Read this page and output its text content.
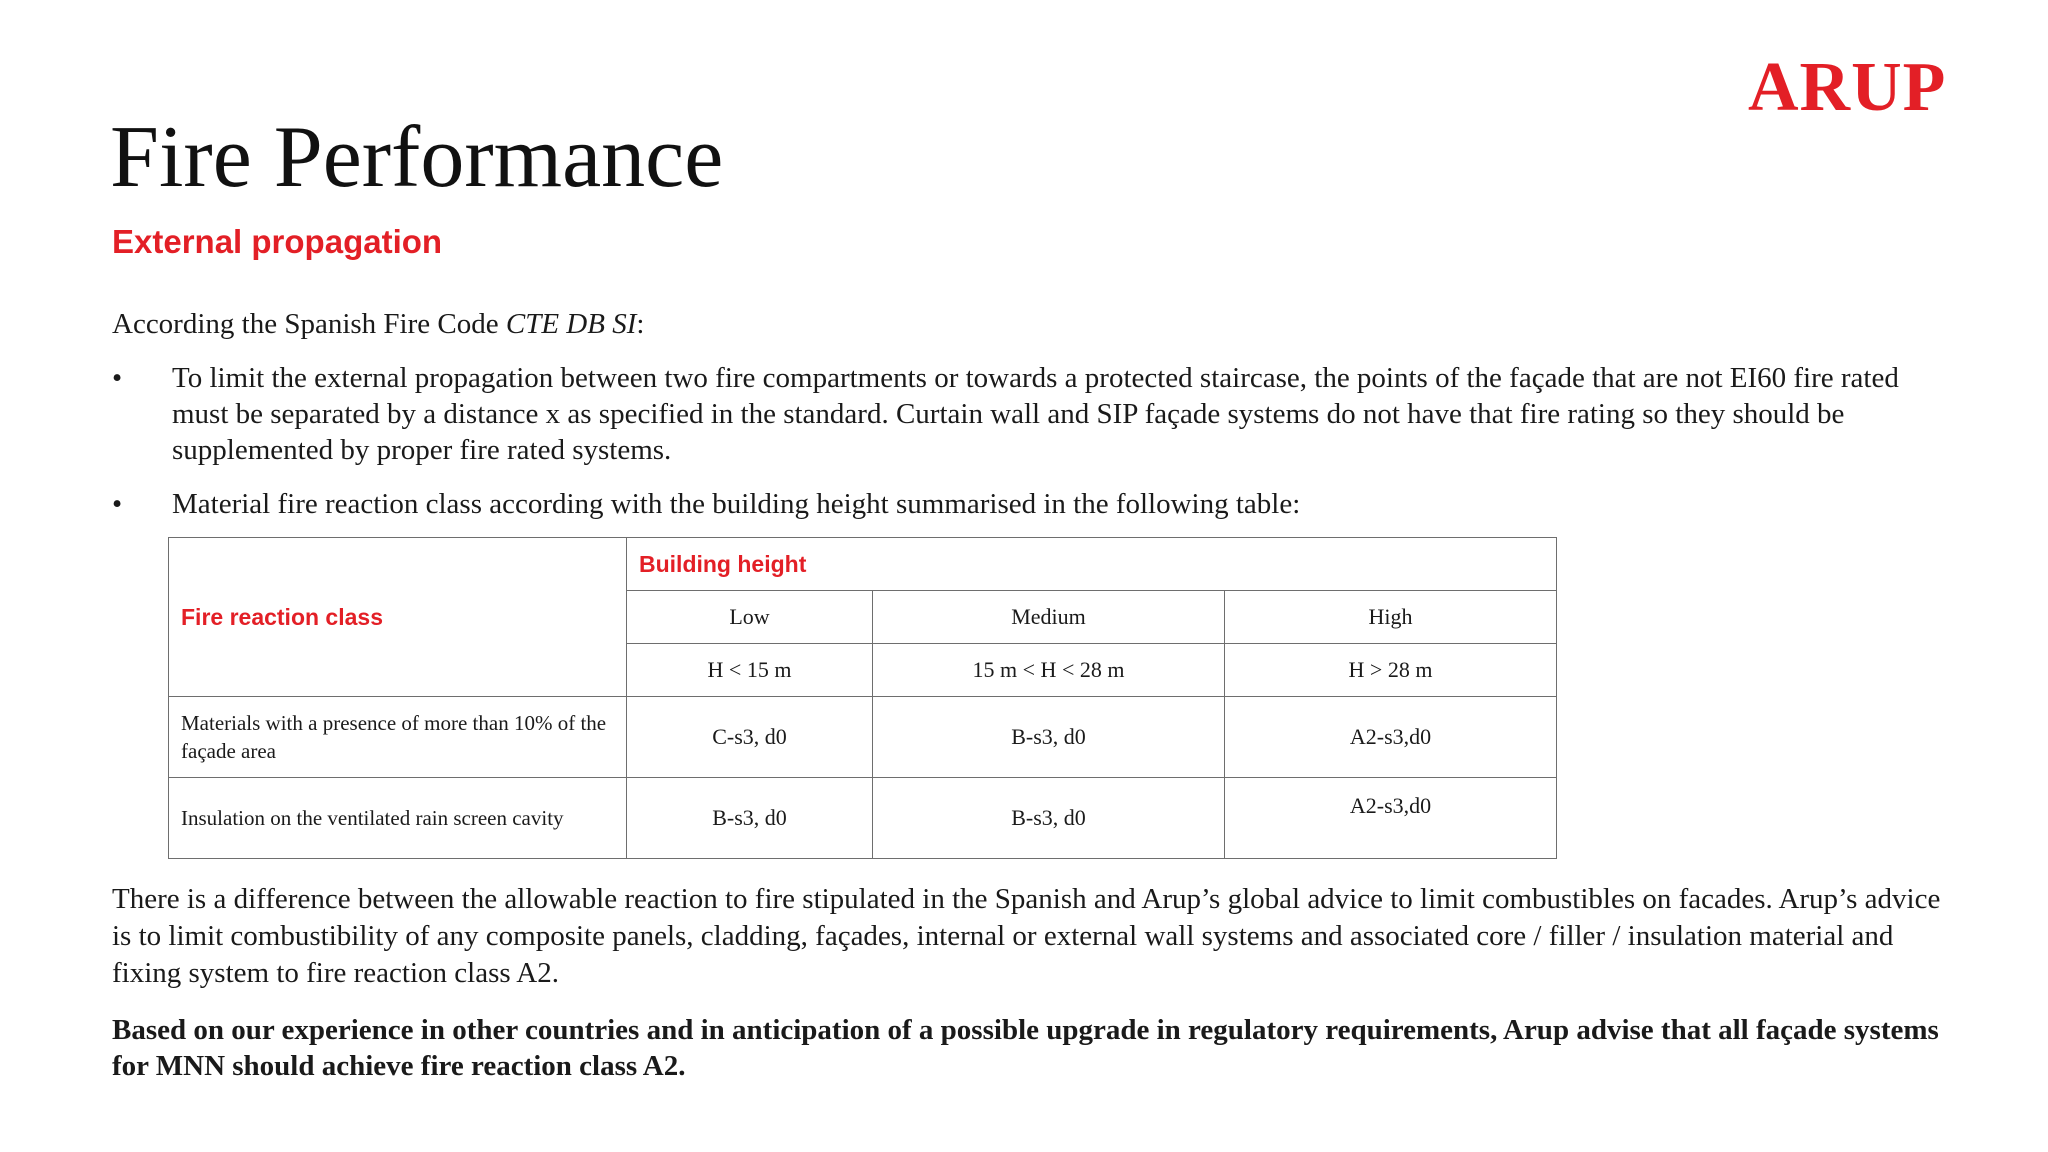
ARUP
Fire Performance
External propagation
According the Spanish Fire Code CTE DB SI:
• To limit the external propagation between two fire compartments or towards a protected staircase, the points of the façade that are not EI60 fire rated must be separated by a distance x as specified in the standard. Curtain wall and SIP façade systems do not have that fire rating so they should be supplemented by proper fire rated systems.
• Material fire reaction class according with the building height summarised in the following table:
Fire reaction class	Building height		
	Low	Medium	High
	H < 15 m	15 m < H < 28 m	H > 28 m
Materials with a presence of more than 10% of the façade area	C-s3, d0	B-s3, d0	A2-s3,d0
Insulation on the ventilated rain screen cavity	B-s3, d0	B-s3, d0	A2-s3,d0

There is a difference between the allowable reaction to fire stipulated in the Spanish and Arup’s global advice to limit combustibles on facades. Arup’s advice is to limit combustibility of any composite panels, cladding, façades, internal or external wall systems and associated core / filler / insulation material and fixing system to fire reaction class A2.

Based on our experience in other countries and in anticipation of a possible upgrade in regulatory requirements, Arup advise that all façade systems for MNN should achieve fire reaction class A2.
